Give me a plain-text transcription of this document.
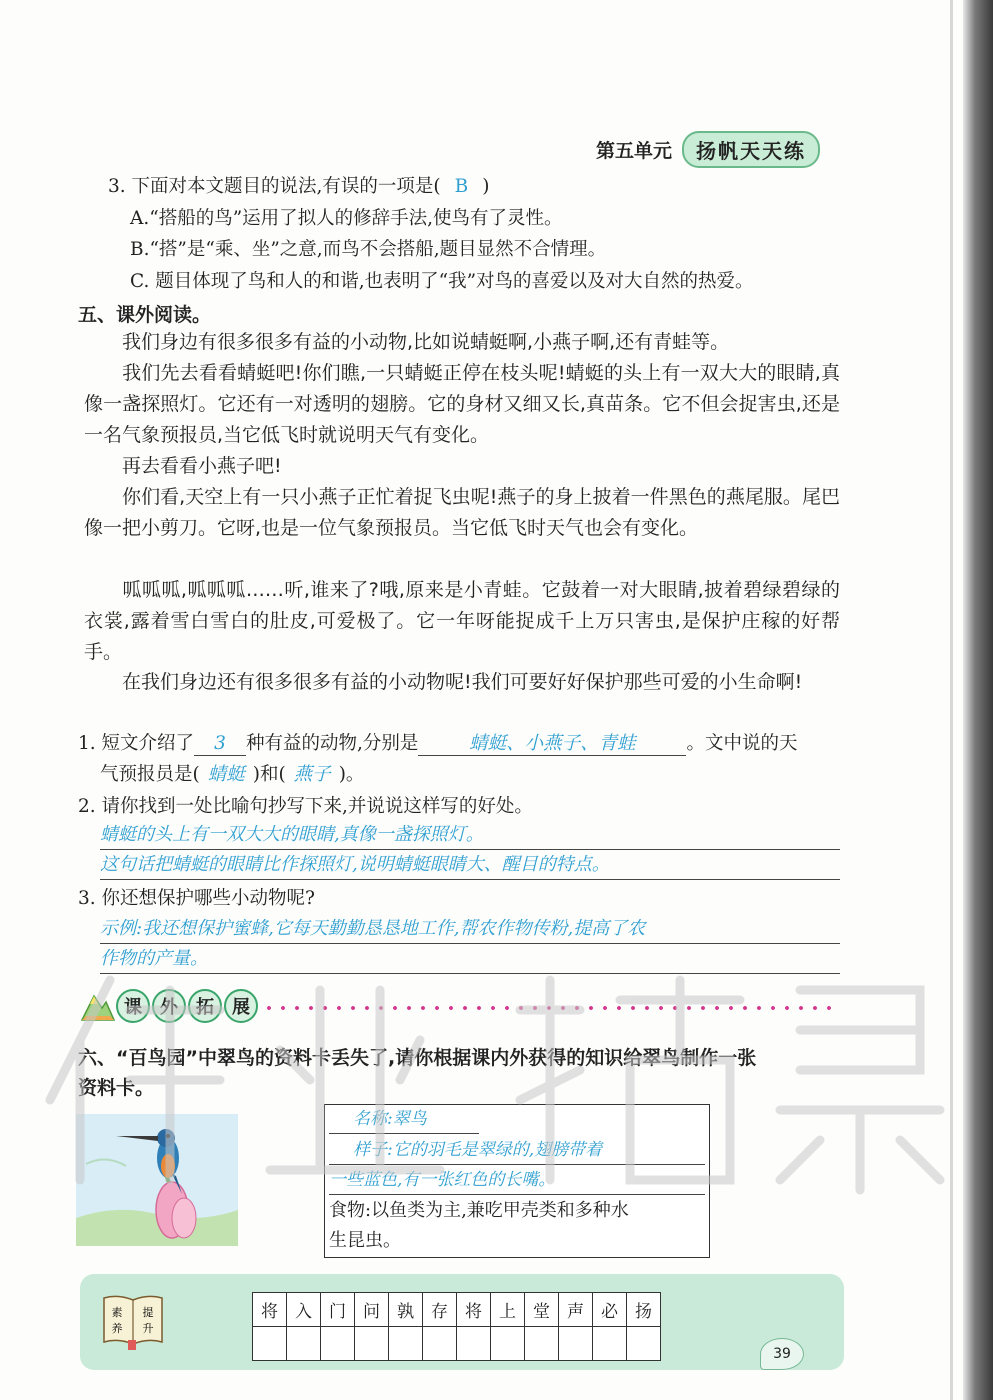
第五单元	扬帆天天练
3. 下面对本文题目的说法,有误的一项是( B )
A.“搭船的鸟”运用了拟人的修辞手法,使鸟有了灵性。
B.“搭”是“乘、坐”之意,而鸟不会搭船,题目显然不合情理。
C. 题目体现了鸟和人的和谐,也表明了“我”对鸟的喜爱以及对大自然的热爱。
五、课外阅读。
我们身边有很多很多有益的小动物,比如说蜻蜓啊,小燕子啊,还有青蛙等。
我们先去看看蜻蜓吧!你们瞧,一只蜻蜓正停在枝头呢!蜻蜓的头上有一双大大的眼睛,真像一盏探照灯。它还有一对透明的翅膀。它的身材又细又长,真苗条。它不但会捉害虫,还是一名气象预报员,当它低飞时就说明天气有变化。
再去看看小燕子吧!
你们看,天空上有一只小燕子正忙着捉飞虫呢!燕子的身上披着一件黑色的燕尾服。尾巴像一把小剪刀。它呀,也是一位气象预报员。当它低飞时天气也会有变化。
呱呱呱,呱呱呱……听,谁来了?哦,原来是小青蛙。它鼓着一对大眼睛,披着碧绿碧绿的衣裳,露着雪白雪白的肚皮,可爱极了。它一年呀能捉成千上万只害虫,是保护庄稼的好帮手。
在我们身边还有很多很多有益的小动物呢!我们可要好好保护那些可爱的小生命啊!
1. 短文介绍了 3 种有益的动物,分别是	蜻蜓、小燕子、青蛙	。文中说的天
气预报员是( 蜻蜓 )和( 燕子 )。
2. 请你找到一处比喻句抄写下来,并说说这样写的好处。
蜻蜓的头上有一双大大的眼睛,真像一盏探照灯。
这句话把蜻蜓的眼睛比作探照灯,说明蜻蜓眼睛大、醒目的特点。
3. 你还想保护哪些小动物呢?
示例:我还想保护蜜蜂,它每天勤勤恳恳地工作,帮农作物传粉,提高了农
作物的产量。
课	外	拓	展
六、“百鸟园”中翠鸟的资料卡丢失了,请你根据课内外获得的知识给翠鸟制作一张
资料卡。
名称:翠鸟
样子:它的羽毛是翠绿的,翅膀带着
一些蓝色,有一张红色的长嘴。
食物:以鱼类为主,兼吃甲壳类和多种水
生昆虫。
素 提
养 升
将	入	门	问	孰	存	将	上	堂	声	必	扬

39
